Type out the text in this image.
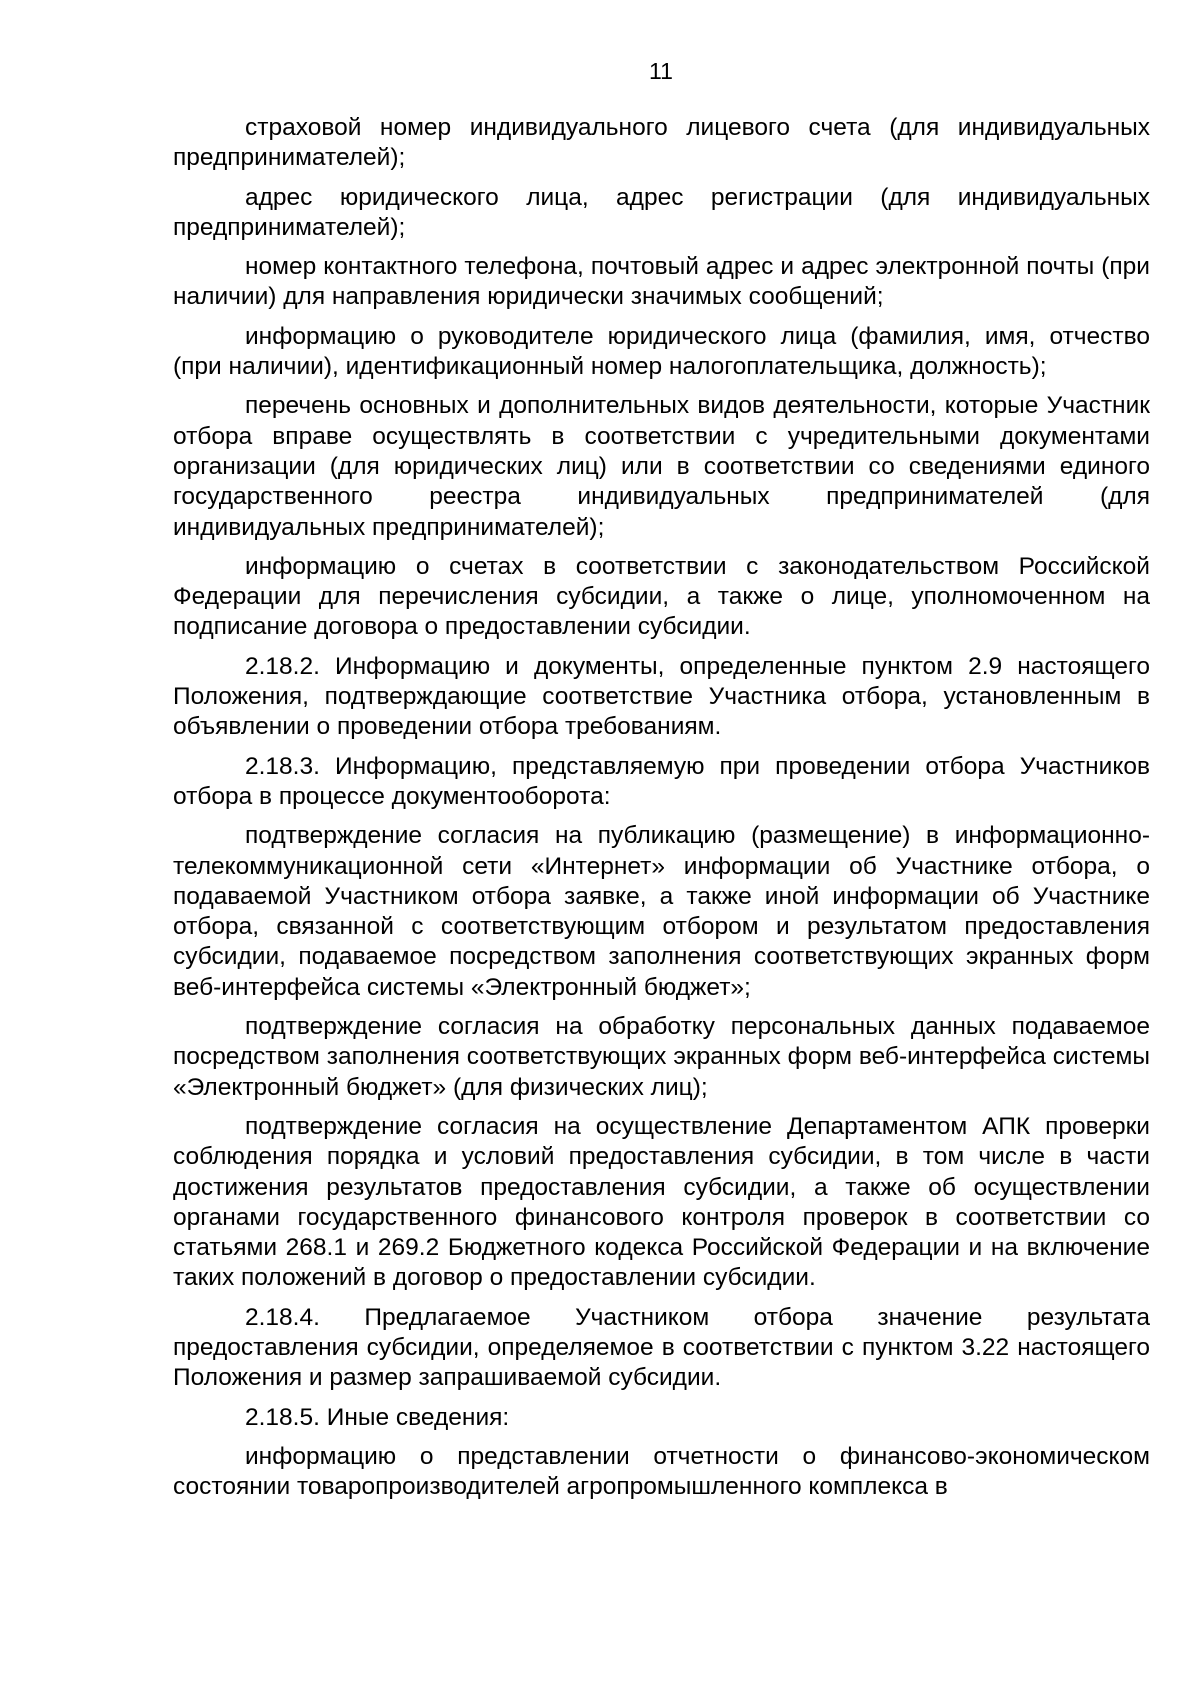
11

страховой номер индивидуального лицевого счета (для индивидуальных предпринимателей);

адрес юридического лица, адрес регистрации (для индивидуальных предпринимателей);

номер контактного телефона, почтовый адрес и адрес электронной почты (при наличии) для направления юридически значимых сообщений;

информацию о руководителе юридического лица (фамилия, имя, отчество (при наличии), идентификационный номер налогоплательщика, должность);

перечень основных и дополнительных видов деятельности, которые Участник отбора вправе осуществлять в соответствии с учредительными документами организации (для юридических лиц) или в соответствии со сведениями единого государственного реестра индивидуальных предпринимателей (для индивидуальных предпринимателей);

информацию о счетах в соответствии с законодательством Российской Федерации для перечисления субсидии, а также о лице, уполномоченном на подписание договора о предоставлении субсидии.

2.18.2. Информацию и документы, определенные пунктом 2.9 настоящего Положения, подтверждающие соответствие Участника отбора, установленным в объявлении о проведении отбора требованиям.

2.18.3. Информацию, представляемую при проведении отбора Участников отбора в процессе документооборота:

подтверждение согласия на публикацию (размещение) в информационно-телекоммуникационной сети «Интернет» информации об Участнике отбора, о подаваемой Участником отбора заявке, а также иной информации об Участнике отбора, связанной с соответствующим отбором и результатом предоставления субсидии, подаваемое посредством заполнения соответствующих экранных форм веб-интерфейса системы «Электронный бюджет»;

подтверждение согласия на обработку персональных данных подаваемое посредством заполнения соответствующих экранных форм веб-интерфейса системы «Электронный бюджет» (для физических лиц);

подтверждение согласия на осуществление Департаментом АПК проверки соблюдения порядка и условий предоставления субсидии, в том числе в части достижения результатов предоставления субсидии, а также об осуществлении органами государственного финансового контроля проверок в соответствии со статьями 268.1 и 269.2 Бюджетного кодекса Российской Федерации и на включение таких положений в договор о предоставлении субсидии.

2.18.4. Предлагаемое Участником отбора значение результата предоставления субсидии, определяемое в соответствии с пунктом 3.22 настоящего Положения и размер запрашиваемой субсидии.

2.18.5. Иные сведения:

информацию о представлении отчетности о финансово-экономическом состоянии товаропроизводителей агропромышленного комплекса в
